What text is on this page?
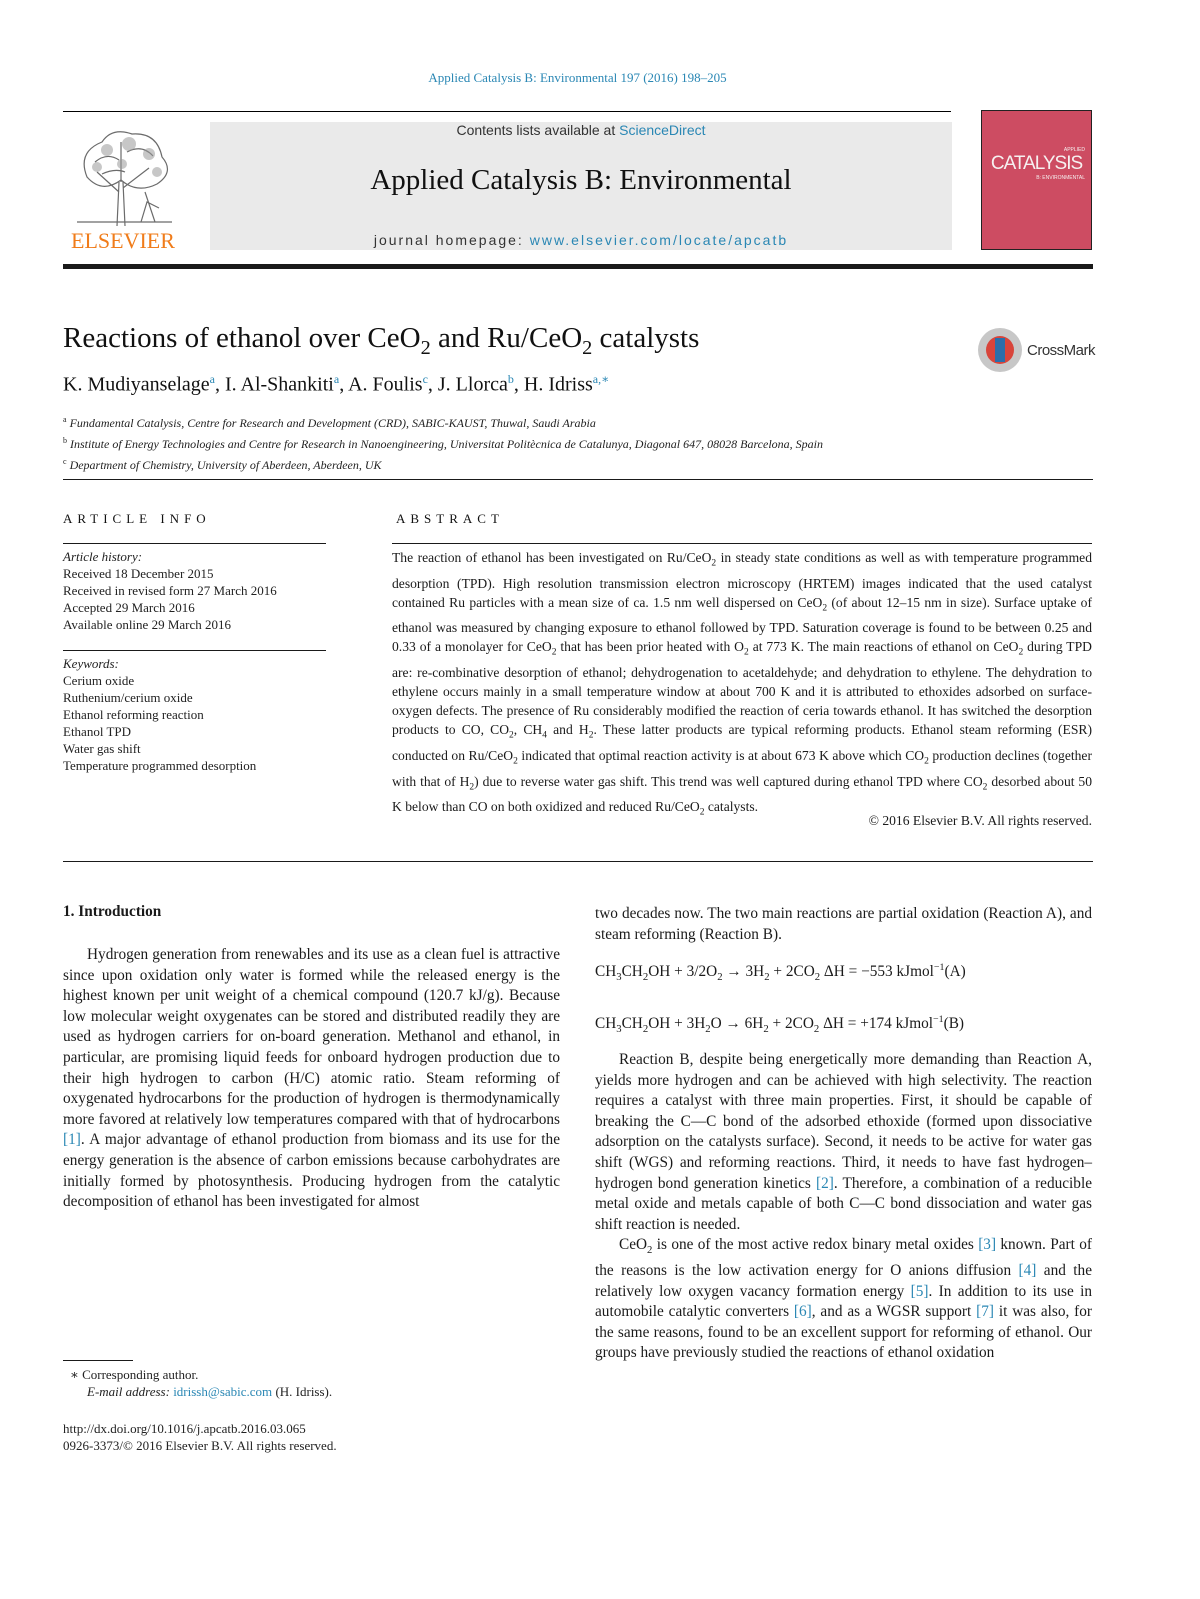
Applied Catalysis B: Environmental 197 (2016) 198–205
ELSEVIER
Contents lists available at ScienceDirect
Applied Catalysis B: Environmental
journal homepage: www.elsevier.com/locate/apcatb
APPLIED
CATALYSIS
B: ENVIRONMENTAL
Reactions of ethanol over CeO$_2$ and Ru/CeO$_2$ catalysts	CrossMark
K. Mudiyanselage$^a$, I. Al-Shankiti$^a$, A. Foulis$^c$, J. Llorca$^b$, H. Idriss$^{a,∗}$
$^a$ Fundamental Catalysis, Centre for Research and Development (CRD), SABIC-KAUST, Thuwal, Saudi Arabia
$^b$ Institute of Energy Technologies and Centre for Research in Nanoengineering, Universitat Politècnica de Catalunya, Diagonal 647, 08028 Barcelona, Spain
$^c$ Department of Chemistry, University of Aberdeen, Aberdeen, UK
ARTICLE INFO
Article history:
Received 18 December 2015
Received in revised form 27 March 2016
Accepted 29 March 2016
Available online 29 March 2016
Keywords:
Cerium oxide
Ruthenium/cerium oxide
Ethanol reforming reaction
Ethanol TPD
Water gas shift
Temperature programmed desorption
ABSTRACT
The reaction of ethanol has been investigated on Ru/CeO$_2$ in steady state conditions as well as with temperature programmed desorption (TPD). High resolution transmission electron microscopy (HRTEM) images indicated that the used catalyst contained Ru particles with a mean size of ca. 1.5 nm well dispersed on CeO$_2$ (of about 12–15 nm in size). Surface uptake of ethanol was measured by changing exposure to ethanol followed by TPD. Saturation coverage is found to be between 0.25 and 0.33 of a monolayer for CeO$_2$ that has been prior heated with $O_2$ at 773 K. The main reactions of ethanol on CeO$_2$ during TPD are: re-combinative desorption of ethanol; dehydrogenation to acetaldehyde; and dehydration to ethylene. The dehydration to ethylene occurs mainly in a small temperature window at about 700 K and it is attributed to ethoxides adsorbed on surface-oxygen defects. The presence of Ru considerably modified the reaction of ceria towards ethanol. It has switched the desorption products to CO, $CO_2$, $CH_4$ and $H_2$. These latter products are typical reforming products. Ethanol steam reforming (ESR) conducted on Ru/CeO$_2$ indicated that optimal reaction activity is at about 673 K above which $CO_2$ production declines (together with that of $H_2$) due to reverse water gas shift. This trend was well captured during ethanol TPD where $CO_2$ desorbed about 50 K below than CO on both oxidized and reduced Ru/CeO$_2$ catalysts.
© 2016 Elsevier B.V. All rights reserved.
1. Introduction

Hydrogen generation from renewables and its use as a clean fuel is attractive since upon oxidation only water is formed while the released energy is the highest known per unit weight of a chemical compound (120.7 kJ/g). Because low molecular weight oxygenates can be stored and distributed readily they are used as hydrogen carriers for on-board generation. Methanol and ethanol, in particular, are promising liquid feeds for onboard hydrogen production due to their high hydrogen to carbon (H/C) atomic ratio. Steam reforming of oxygenated hydrocarbons for the production of hydrogen is thermodynamically more favored at relatively low temperatures compared with that of hydrocarbons [1]. A major advantage of ethanol production from biomass and its use for the energy generation is the absence of carbon emissions because carbohydrates are initially formed by photosynthesis. Producing hydrogen from the catalytic decomposition of ethanol has been investigated for almost

∗ Corresponding author.
E-mail address: idrissh@sabic.com (H. Idriss).
http://dx.doi.org/10.1016/j.apcatb.2016.03.065
0926-3373/© 2016 Elsevier B.V. All rights reserved.

two decades now. The two main reactions are partial oxidation (Reaction A), and steam reforming (Reaction B).

$CH_3CH_2OH + 3/2O_2 \to 3H_2 + 2CO_2$ ΔH = −553 kJmol$^{-1}$(A)
$CH_3CH_2OH + 3H_2O \to 6H_2 + 2CO_2$ ΔH = +174 kJmol$^{-1}$(B)

Reaction B, despite being energetically more demanding than Reaction A, yields more hydrogen and can be achieved with high selectivity. The reaction requires a catalyst with three main properties. First, it should be capable of breaking the C—C bond of the adsorbed ethoxide (formed upon dissociative adsorption on the catalysts surface). Second, it needs to be active for water gas shift (WGS) and reforming reactions. Third, it needs to have fast hydrogen–hydrogen bond generation kinetics [2]. Therefore, a combination of a reducible metal oxide and metals capable of both C—C bond dissociation and water gas shift reaction is needed.

CeO$_2$ is one of the most active redox binary metal oxides [3] known. Part of the reasons is the low activation energy for O anions diffusion [4] and the relatively low oxygen vacancy formation energy [5]. In addition to its use in automobile catalytic converters [6], and as a WGSR support [7] it was also, for the same reasons, found to be an excellent support for reforming of ethanol. Our groups have previously studied the reactions of ethanol oxidation
